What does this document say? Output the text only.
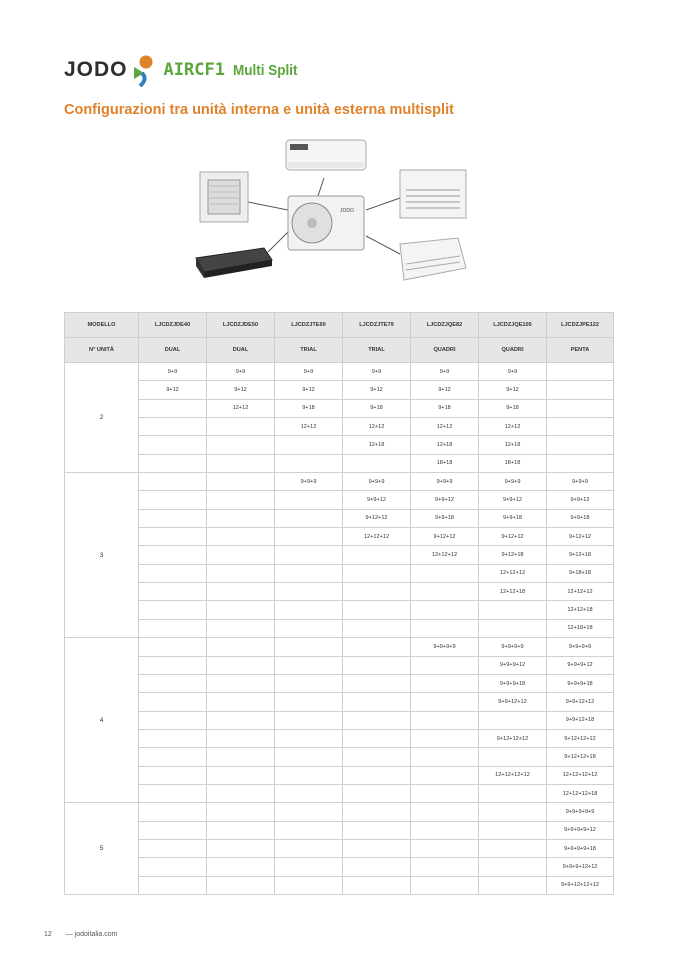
JODO AIRCF1 Multi Split
Configurazioni tra unità interna e unità esterna multisplit
JODO
MODELLO	LJCDZJDE40	LJCDZJDE50	LJCDZJTE60	LJCDZJTE79	LJCDZJQE82	LJCDZJQE105	LJCDZJPE122
N° UNITÀ	DUAL	DUAL	TRIAL	TRIAL	QUADRI	QUADRI	PENTA
2	9+9	9+9	9+9	9+9	9+9	9+9	
	9+12	9+12	9+12	9+12	9+12	9+12	
		12+12	9+18	9+18	9+18	9+18	
			12+12	12+12	12+12	12+12	
				12+18	12+18	12+18	
					18+18	18+18	
3			9+9+9	9+9+9	9+9+9	9+9+9	9+9+9
				9+9+12	9+9+12	9+9+12	9+9+12
				9+12+12	9+9+18	9+9+18	9+9+18
				12+12+12	9+12+12	9+12+12	9+12+12
					12+12+12	9+12+18	9+12+18
						12+12+12	9+18+18
						12+12+18	12+12+12
							12+12+18
							12+18+18
4					9+9+9+9	9+9+9+9	9+9+9+9
						9+9+9+12	9+9+9+12
						9+9+9+18	9+9+9+18
						9+9+12+12	9+9+12+12
							9+9+12+18
						9+12+12+12	9+12+12+12
							9+12+12+18
						12+12+12+12	12+12+12+12
							12+12+12+18
5							9+9+9+9+9
							9+9+9+9+12
							9+9+9+9+18
							9+9+9+12+12
							9+9+12+12+12
12 — jodoitalia.com
